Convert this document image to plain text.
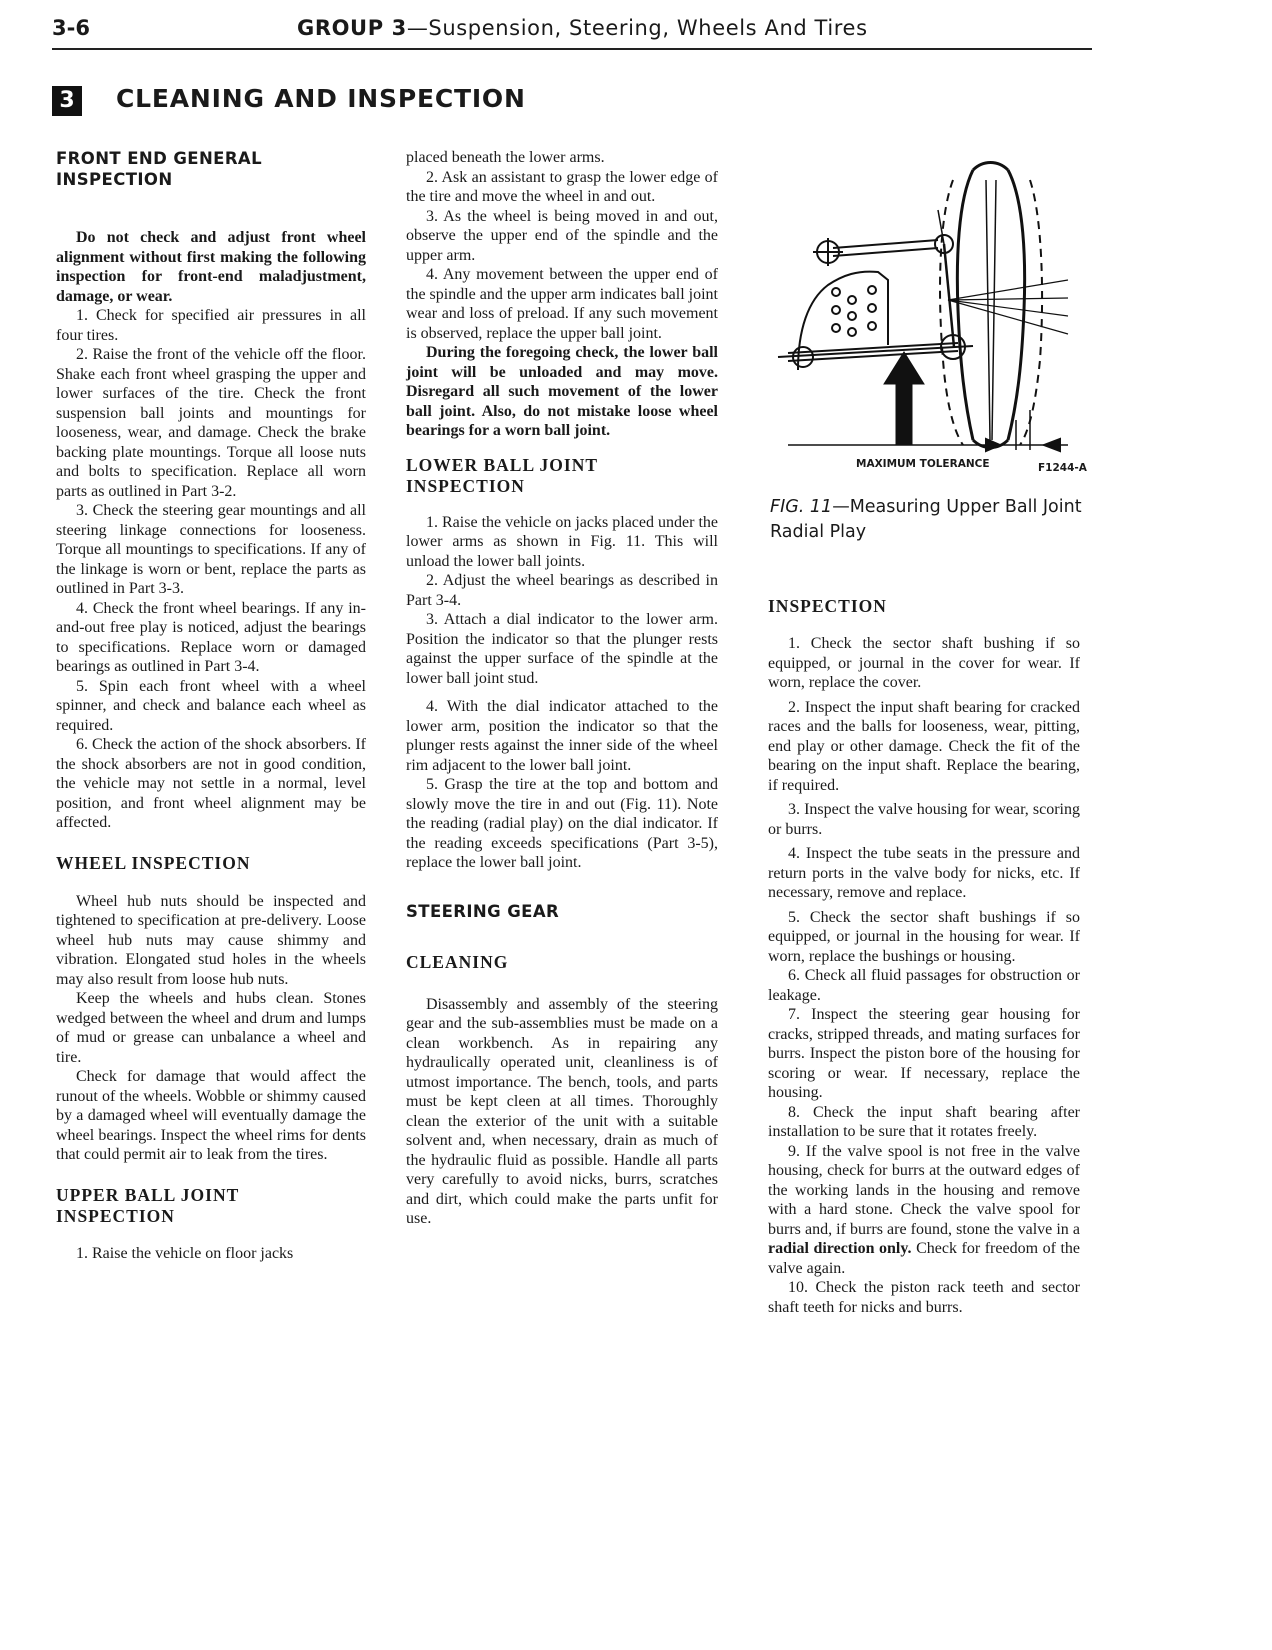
3-6	GROUP 3—Suspension, Steering, Wheels And Tires
3 CLEANING AND INSPECTION

FRONT END GENERAL
INSPECTION

Do not check and adjust front wheel alignment without first making the following inspection for front-end maladjustment, damage, or wear.

1. Check for specified air pressures in all four tires.

2. Raise the front of the vehicle off the floor. Shake each front wheel grasping the upper and lower surfaces of the tire. Check the front suspension ball joints and mountings for looseness, wear, and damage. Check the brake backing plate mountings. Torque all loose nuts and bolts to specification. Replace all worn parts as outlined in Part 3-2.

3. Check the steering gear mountings and all steering linkage connections for looseness. Torque all mountings to specifications. If any of the linkage is worn or bent, replace the parts as outlined in Part 3-3.

4. Check the front wheel bearings. If any in-and-out free play is noticed, adjust the bearings to specifications. Replace worn or damaged bearings as outlined in Part 3-4.

5. Spin each front wheel with a wheel spinner, and check and balance each wheel as required.

6. Check the action of the shock absorbers. If the shock absorbers are not in good condition, the vehicle may not settle in a normal, level position, and front wheel alignment may be affected.

WHEEL INSPECTION

Wheel hub nuts should be inspected and tightened to specification at pre-delivery. Loose wheel hub nuts may cause shimmy and vibration. Elongated stud holes in the wheels may also result from loose hub nuts.

Keep the wheels and hubs clean. Stones wedged between the wheel and drum and lumps of mud or grease can unbalance a wheel and tire.

Check for damage that would affect the runout of the wheels. Wobble or shimmy caused by a damaged wheel will eventually damage the wheel bearings. Inspect the wheel rims for dents that could permit air to leak from the tires.

UPPER BALL JOINT
INSPECTION

1. Raise the vehicle on floor jacks

placed beneath the lower arms.

2. Ask an assistant to grasp the lower edge of the tire and move the wheel in and out.

3. As the wheel is being moved in and out, observe the upper end of the spindle and the upper arm.

4. Any movement between the upper end of the spindle and the upper arm indicates ball joint wear and loss of preload. If any such movement is observed, replace the upper ball joint.

During the foregoing check, the lower ball joint will be unloaded and may move. Disregard all such movement of the lower ball joint. Also, do not mistake loose wheel bearings for a worn ball joint.

LOWER BALL JOINT
INSPECTION

1. Raise the vehicle on jacks placed under the lower arms as shown in Fig. 11. This will unload the lower ball joints.

2. Adjust the wheel bearings as described in Part 3-4.

3. Attach a dial indicator to the lower arm. Position the indicator so that the plunger rests against the upper surface of the spindle at the lower ball joint stud.

4. With the dial indicator attached to the lower arm, position the indicator so that the plunger rests against the inner side of the wheel rim adjacent to the lower ball joint.

5. Grasp the tire at the top and bottom and slowly move the tire in and out (Fig. 11). Note the reading (radial play) on the dial indicator. If the reading exceeds specifications (Part 3-5), replace the lower ball joint.

STEERING GEAR

CLEANING

Disassembly and assembly of the steering gear and the sub-assemblies must be made on a clean workbench. As in repairing any hydraulically operated unit, cleanliness is of utmost importance. The bench, tools, and parts must be kept cleen at all times. Thoroughly clean the exterior of the unit with a suitable solvent and, when necessary, drain as much of the hydraulic fluid as possible. Handle all parts very carefully to avoid nicks, burrs, scratches and dirt, which could make the parts unfit for use.

MAXIMUM TOLERANCE	F1244-A
FIG. 11—Measuring Upper Ball Joint Radial Play

INSPECTION

1. Check the sector shaft bushing if so equipped, or journal in the cover for wear. If worn, replace the cover.

2. Inspect the input shaft bearing for cracked races and the balls for looseness, wear, pitting, end play or other damage. Check the fit of the bearing on the input shaft. Replace the bearing, if required.

3. Inspect the valve housing for wear, scoring or burrs.

4. Inspect the tube seats in the pressure and return ports in the valve body for nicks, etc. If necessary, remove and replace.

5. Check the sector shaft bushings if so equipped, or journal in the housing for wear. If worn, replace the bushings or housing.

6. Check all fluid passages for obstruction or leakage.

7. Inspect the steering gear housing for cracks, stripped threads, and mating surfaces for burrs. Inspect the piston bore of the housing for scoring or wear. If necessary, replace the housing.

8. Check the input shaft bearing after installation to be sure that it rotates freely.

9. If the valve spool is not free in the valve housing, check for burrs at the outward edges of the working lands in the housing and remove with a hard stone. Check the valve spool for burrs and, if burrs are found, stone the valve in a radial direction only. Check for freedom of the valve again.

10. Check the piston rack teeth and sector shaft teeth for nicks and burrs.
